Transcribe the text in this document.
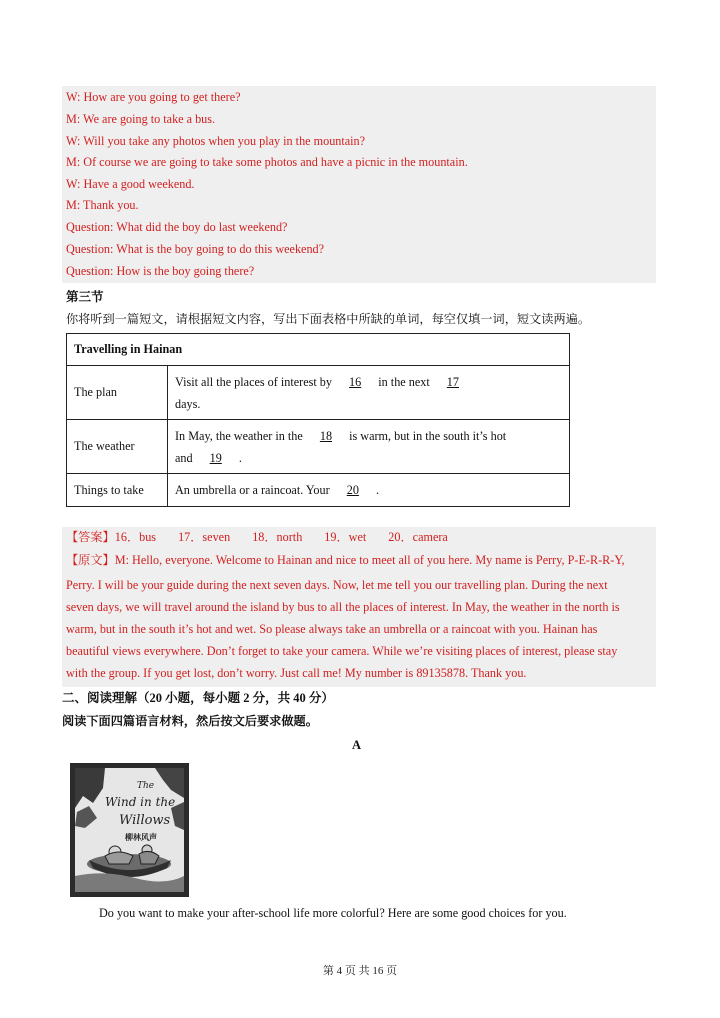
W: How are you going to get there?
M: We are going to take a bus.
W: Will you take any photos when you play in the mountain?
M: Of course we are going to take some photos and have a picnic in the mountain.
W: Have a good weekend.
M: Thank you.
Question: What did the boy do last weekend?
Question: What is the boy going to do this weekend?
Question: How is the boy going there?
第三节
你将听到一篇短文，请根据短文内容，写出下面表格中所缺的单词，每空仅填一词，短文读两遍。
Travelling in Hainan	
The plan	Visit all the places of interest by 16 in the next 17
days.
The weather	In May, the weather in the 18 is warm, but in the south it’s hot
and 19 .
Things to take	An umbrella or a raincoat. Your 20 .
【答案】16．bus 17．seven 18．north 19．wet 20．camera
【原文】M: Hello, everyone. Welcome to Hainan and nice to meet all of you here. My name is Perry, P-E-R-R-Y,
Perry. I will be your guide during the next seven days. Now, let me tell you our travelling plan. During the next
seven days, we will travel around the island by bus to all the places of interest. In May, the weather in the north is
warm, but in the south it’s hot and wet. So please always take an umbrella or a raincoat with you. Hainan has
beautiful views everywhere. Don’t forget to take your camera. While we’re visiting places of interest, please stay
with the group. If you get lost, don’t worry. Just call me! My number is 89135878. Thank you.
二、阅读理解（20 小题，每小题 2 分，共 40 分）
阅读下面四篇语言材料，然后按文后要求做题。
A
The
Wind in the
Willows
柳林风声
Do you want to make your after-school life more colorful? Here are some good choices for you.
第 4 页 共 16 页
